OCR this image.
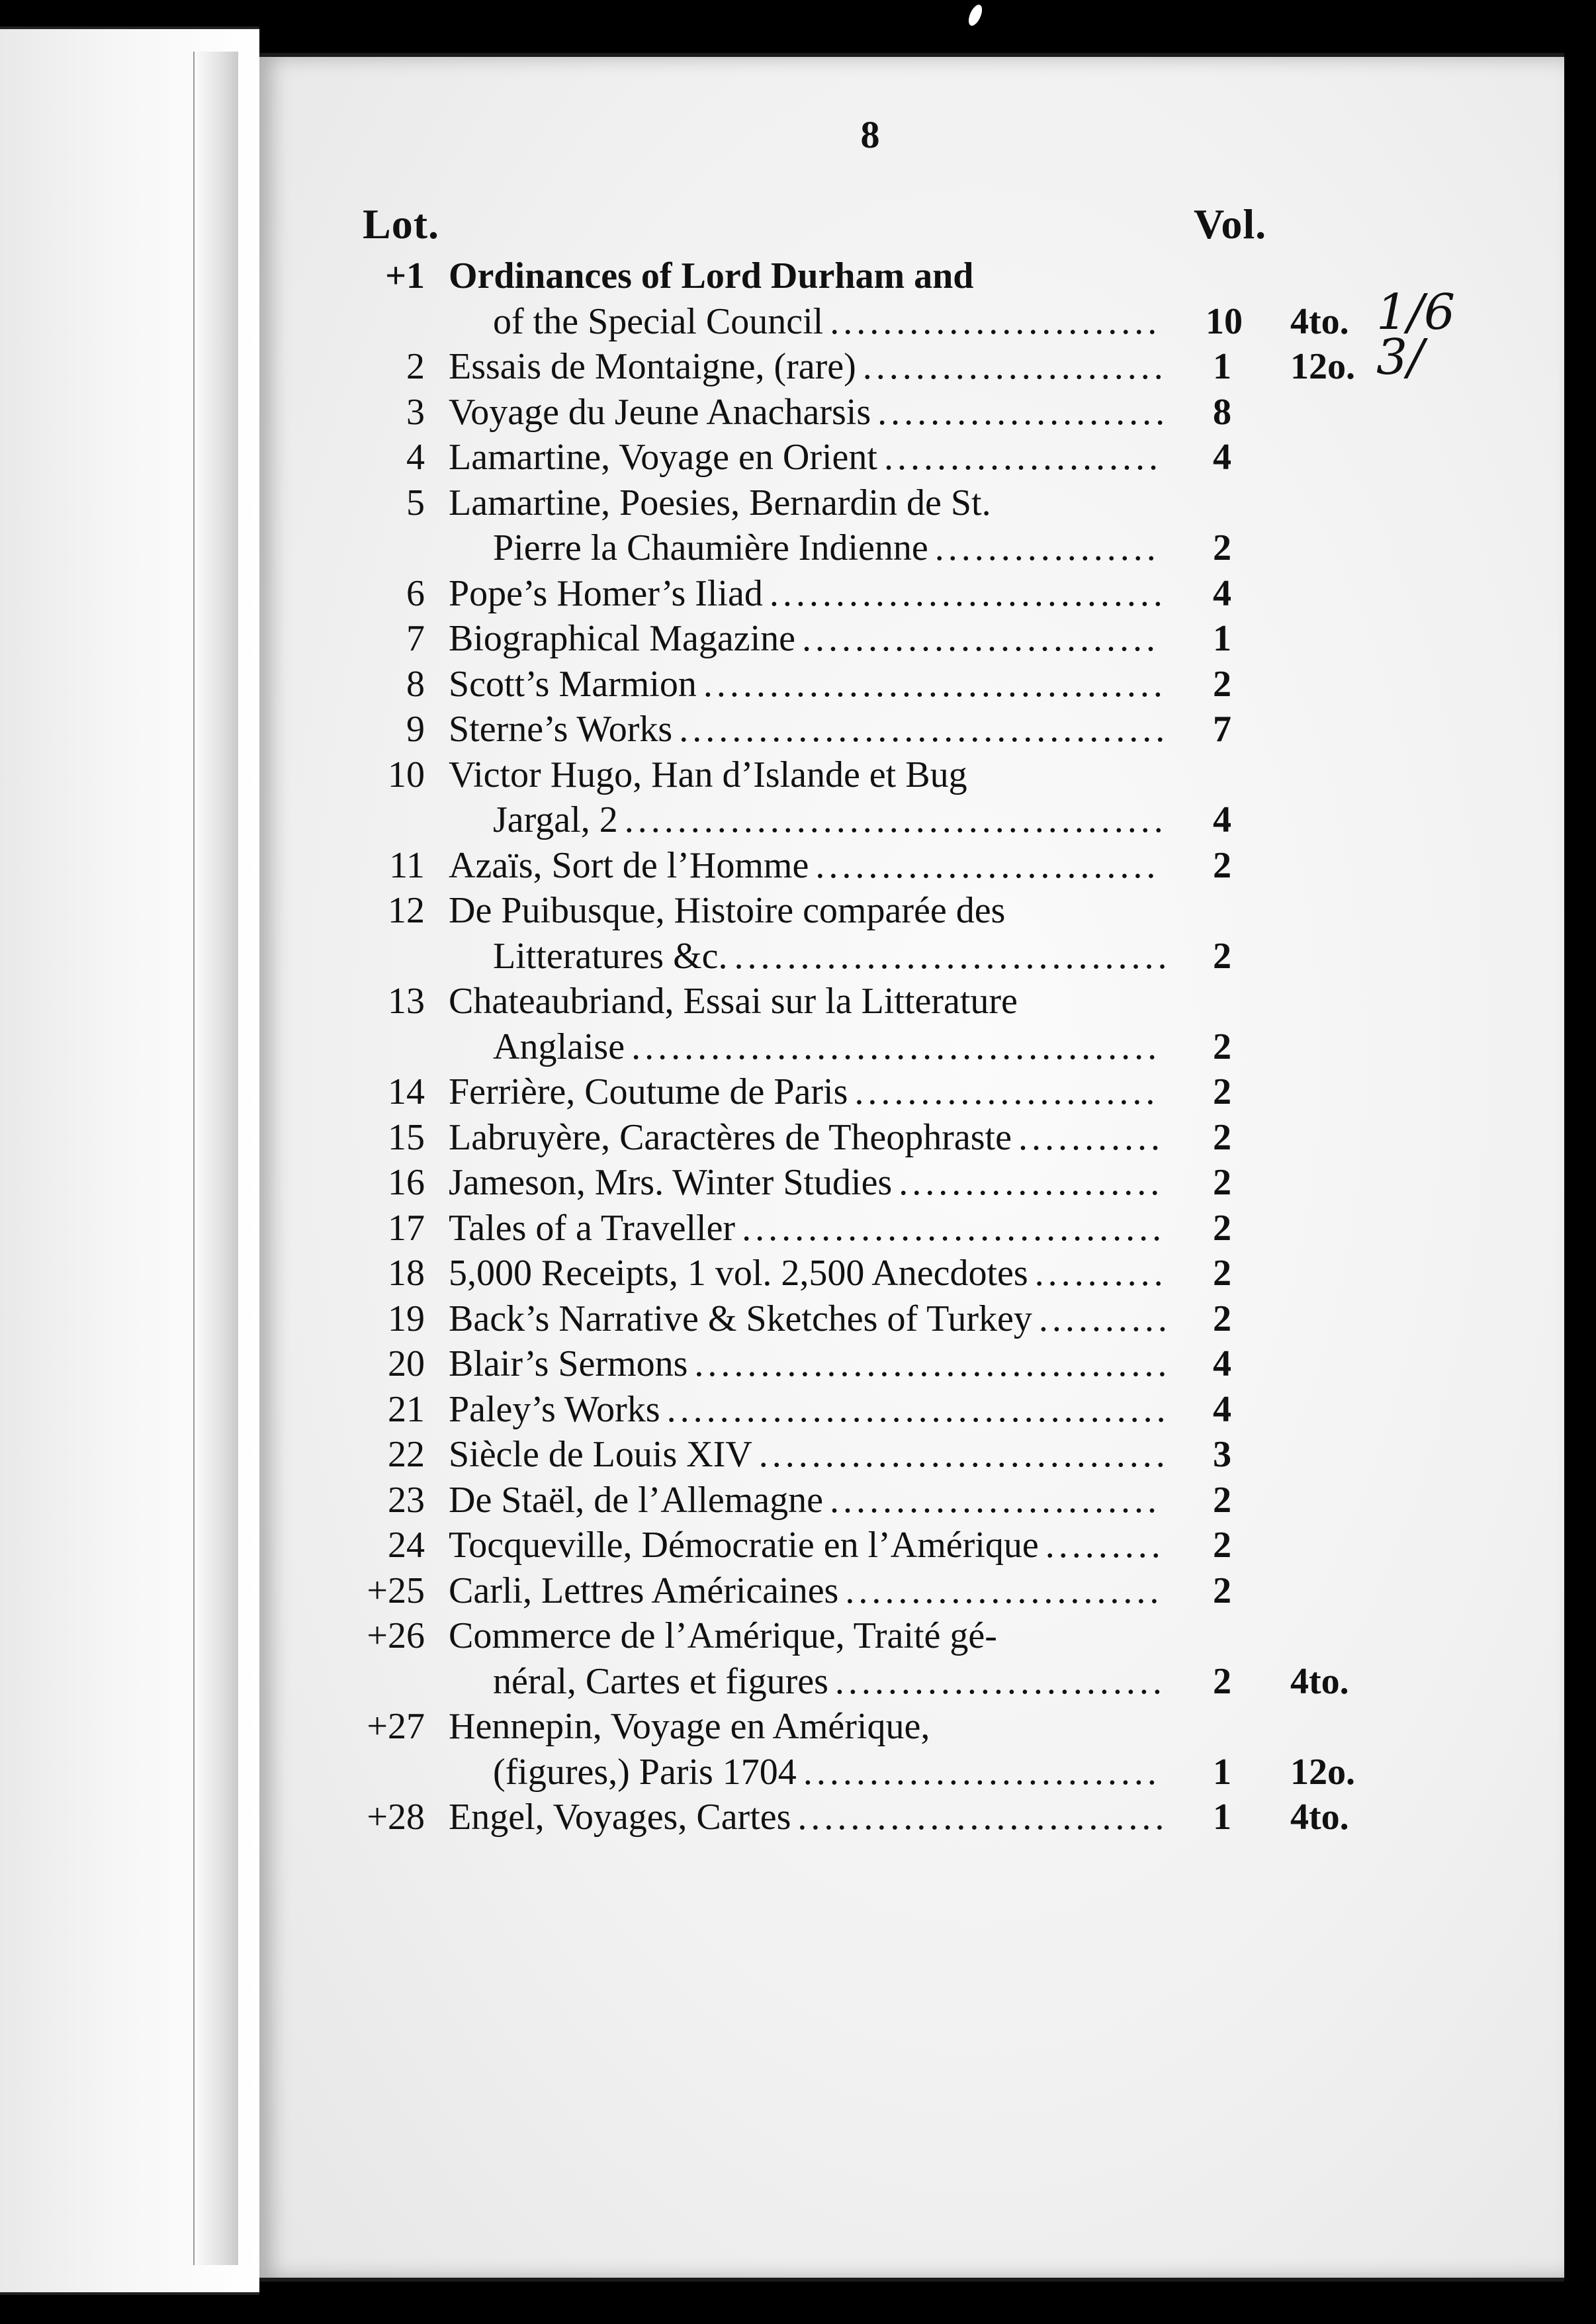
8
Lot.	Vol.
+1 Ordinances of Lord Durham and
of the Special Council ......................... 10 4to. 1/6
2 Essais de Montaigne, (rare) ....................... 1 12o. 3/
3 Voyage du Jeune Anacharsis ...................... 8
4 Lamartine, Voyage en Orient ..................... 4
5 Lamartine, Poesies, Bernardin de St.
Pierre la Chaumière Indienne .................	2
6 Pope’s Homer’s Iliad .............................. 4
7 Biographical Magazine ...........................	1
8 Scott’s Marmion ................................... 2
9 Sterne’s Works ..................................... 7
10 Victor Hugo, Han d’Islande et Bug
Jargal, 2 ......................................... 4
11 Azaïs, Sort de l’Homme ..........................	2
12 De Puibusque, Histoire comparée des
Litteratures &c. ................................. 2
13 Chateaubriand, Essai sur la Litterature
Anglaise ........................................ 2
14 Ferrière, Coutume de Paris .......................	2
15 Labruyère, Caractères de Theophraste ........... 2
16 Jameson, Mrs. Winter Studies .................... 2
17 Tales of a Traveller ................................ 2
18 5,000 Receipts, 1 vol. 2,500 Anecdotes .......... 2
19 Back’s Narrative & Sketches of Turkey .......... 2
20 Blair’s Sermons .................................... 4
21 Paley’s Works ...................................... 4
22 Siècle de Louis XIV ............................... 3
23 De Staël, de l’Allemagne ......................... 2
24 Tocqueville, Démocratie en l’Amérique ......... 2
+25 Carli, Lettres Américaines ........................ 2
+26 Commerce de l’Amérique, Traité gé-
néral, Cartes et figures ......................... 2 4to.
+27 Hennepin, Voyage en Amérique,
(figures,) Paris 1704 ........................... 1 12o.
+28 Engel, Voyages, Cartes ............................ 1 4to.
